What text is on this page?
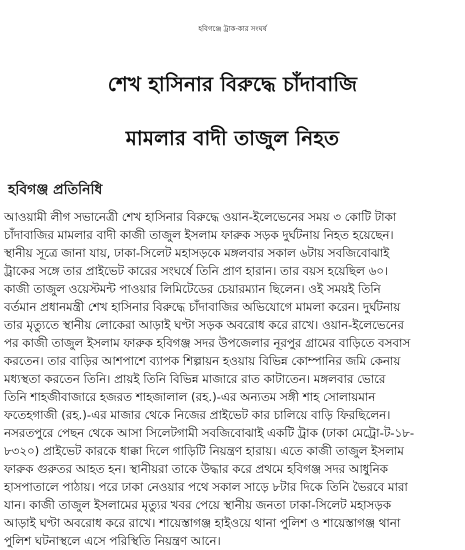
হবিগঞ্জে ট্রাক-কার সংঘর্ষ
শেখ হাসিনার বিরুদ্ধে চাঁদাবাজি
মামলার বাদী তাজুল নিহত
হবিগঞ্জ প্রতিনিধি
আওয়ামী লীগ সভানেত্রী শেখ হাসিনার বিরুদ্ধে ওয়ান-ইলেভেনের সময় ৩ কোটি টাকা
চাঁদাবাজির মামলার বাদী কাজী তাজুল ইসলাম ফারুক সড়ক দুর্ঘটনায় নিহত হয়েছেন।
স্থানীয় সূত্রে জানা যায়, ঢাকা-সিলেট মহাসড়কে মঙ্গলবার সকাল ৬টায় সবজিবোঝাই
ট্রাকের সঙ্গে তার প্রাইভেট কারের সংঘর্ষে তিনি প্রাণ হারান। তার বয়স হয়েছিল ৬০।
কাজী তাজুল ওয়েস্টমন্ট পাওয়ার লিমিটেডের চেয়ারম্যান ছিলেন। ওই সময়ই তিনি
বর্তমান প্রধানমন্ত্রী শেখ হাসিনার বিরুদ্ধে চাঁদাবাজির অভিযোগে মামলা করেন। দুর্ঘটনায়
তার মৃত্যুতে স্থানীয় লোকেরা আড়াই ঘণ্টা সড়ক অবরোধ করে রাখে। ওয়ান-ইলেভেনের
পর কাজী তাজুল ইসলাম ফারুক হবিগঞ্জ সদর উপজেলার নূরপুর গ্রামের বাড়িতে বসবাস
করতেন। তার বাড়ির আশপাশে ব্যাপক শিল্পায়ন হওয়ায় বিভিন্ন কোম্পানির জমি কেনায়
মধ্যস্থতা করতেন তিনি। প্রায়ই তিনি বিভিন্ন মাজারে রাত কাটাতেন। মঙ্গলবার ভোরে
তিনি শাহজীবাজারে হজরত শাহজালাল (রহ.)-এর অন্যতম সঙ্গী শাহ সোলায়মান
ফতেহগাজী (রহ.)-এর মাজার থেকে নিজের প্রাইভেট কার চালিয়ে বাড়ি ফিরছিলেন।
নসরতপুরে পেছন থেকে আসা সিলেটগামী সবজিবোঝাই একটি ট্রাক (ঢাকা মেট্রো-ট-১৮-
৮৩২০) প্রাইভেট কারকে ধাক্কা দিলে গাড়িটি নিয়ন্ত্রণ হারায়। এতে কাজী তাজুল ইসলাম
ফারুক গুরুতর আহত হন। স্থানীয়রা তাকে উদ্ধার করে প্রথমে হবিগঞ্জ সদর আধুনিক
হাসপাতালে পাঠায়। পরে ঢাকা নেওয়ার পথে সকাল সাড়ে ৮টার দিকে তিনি ভৈরবে মারা
যান। কাজী তাজুল ইসলামের মৃত্যুর খবর পেয়ে স্থানীয় জনতা ঢাকা-সিলেট মহাসড়ক
আড়াই ঘণ্টা অবরোধ করে রাখে। শায়েস্তাগঞ্জ হাইওয়ে থানা পুলিশ ও শায়েস্তাগঞ্জ থানা
পুলিশ ঘটনাস্থলে এসে পরিস্থিতি নিয়ন্ত্রণ আনে।
